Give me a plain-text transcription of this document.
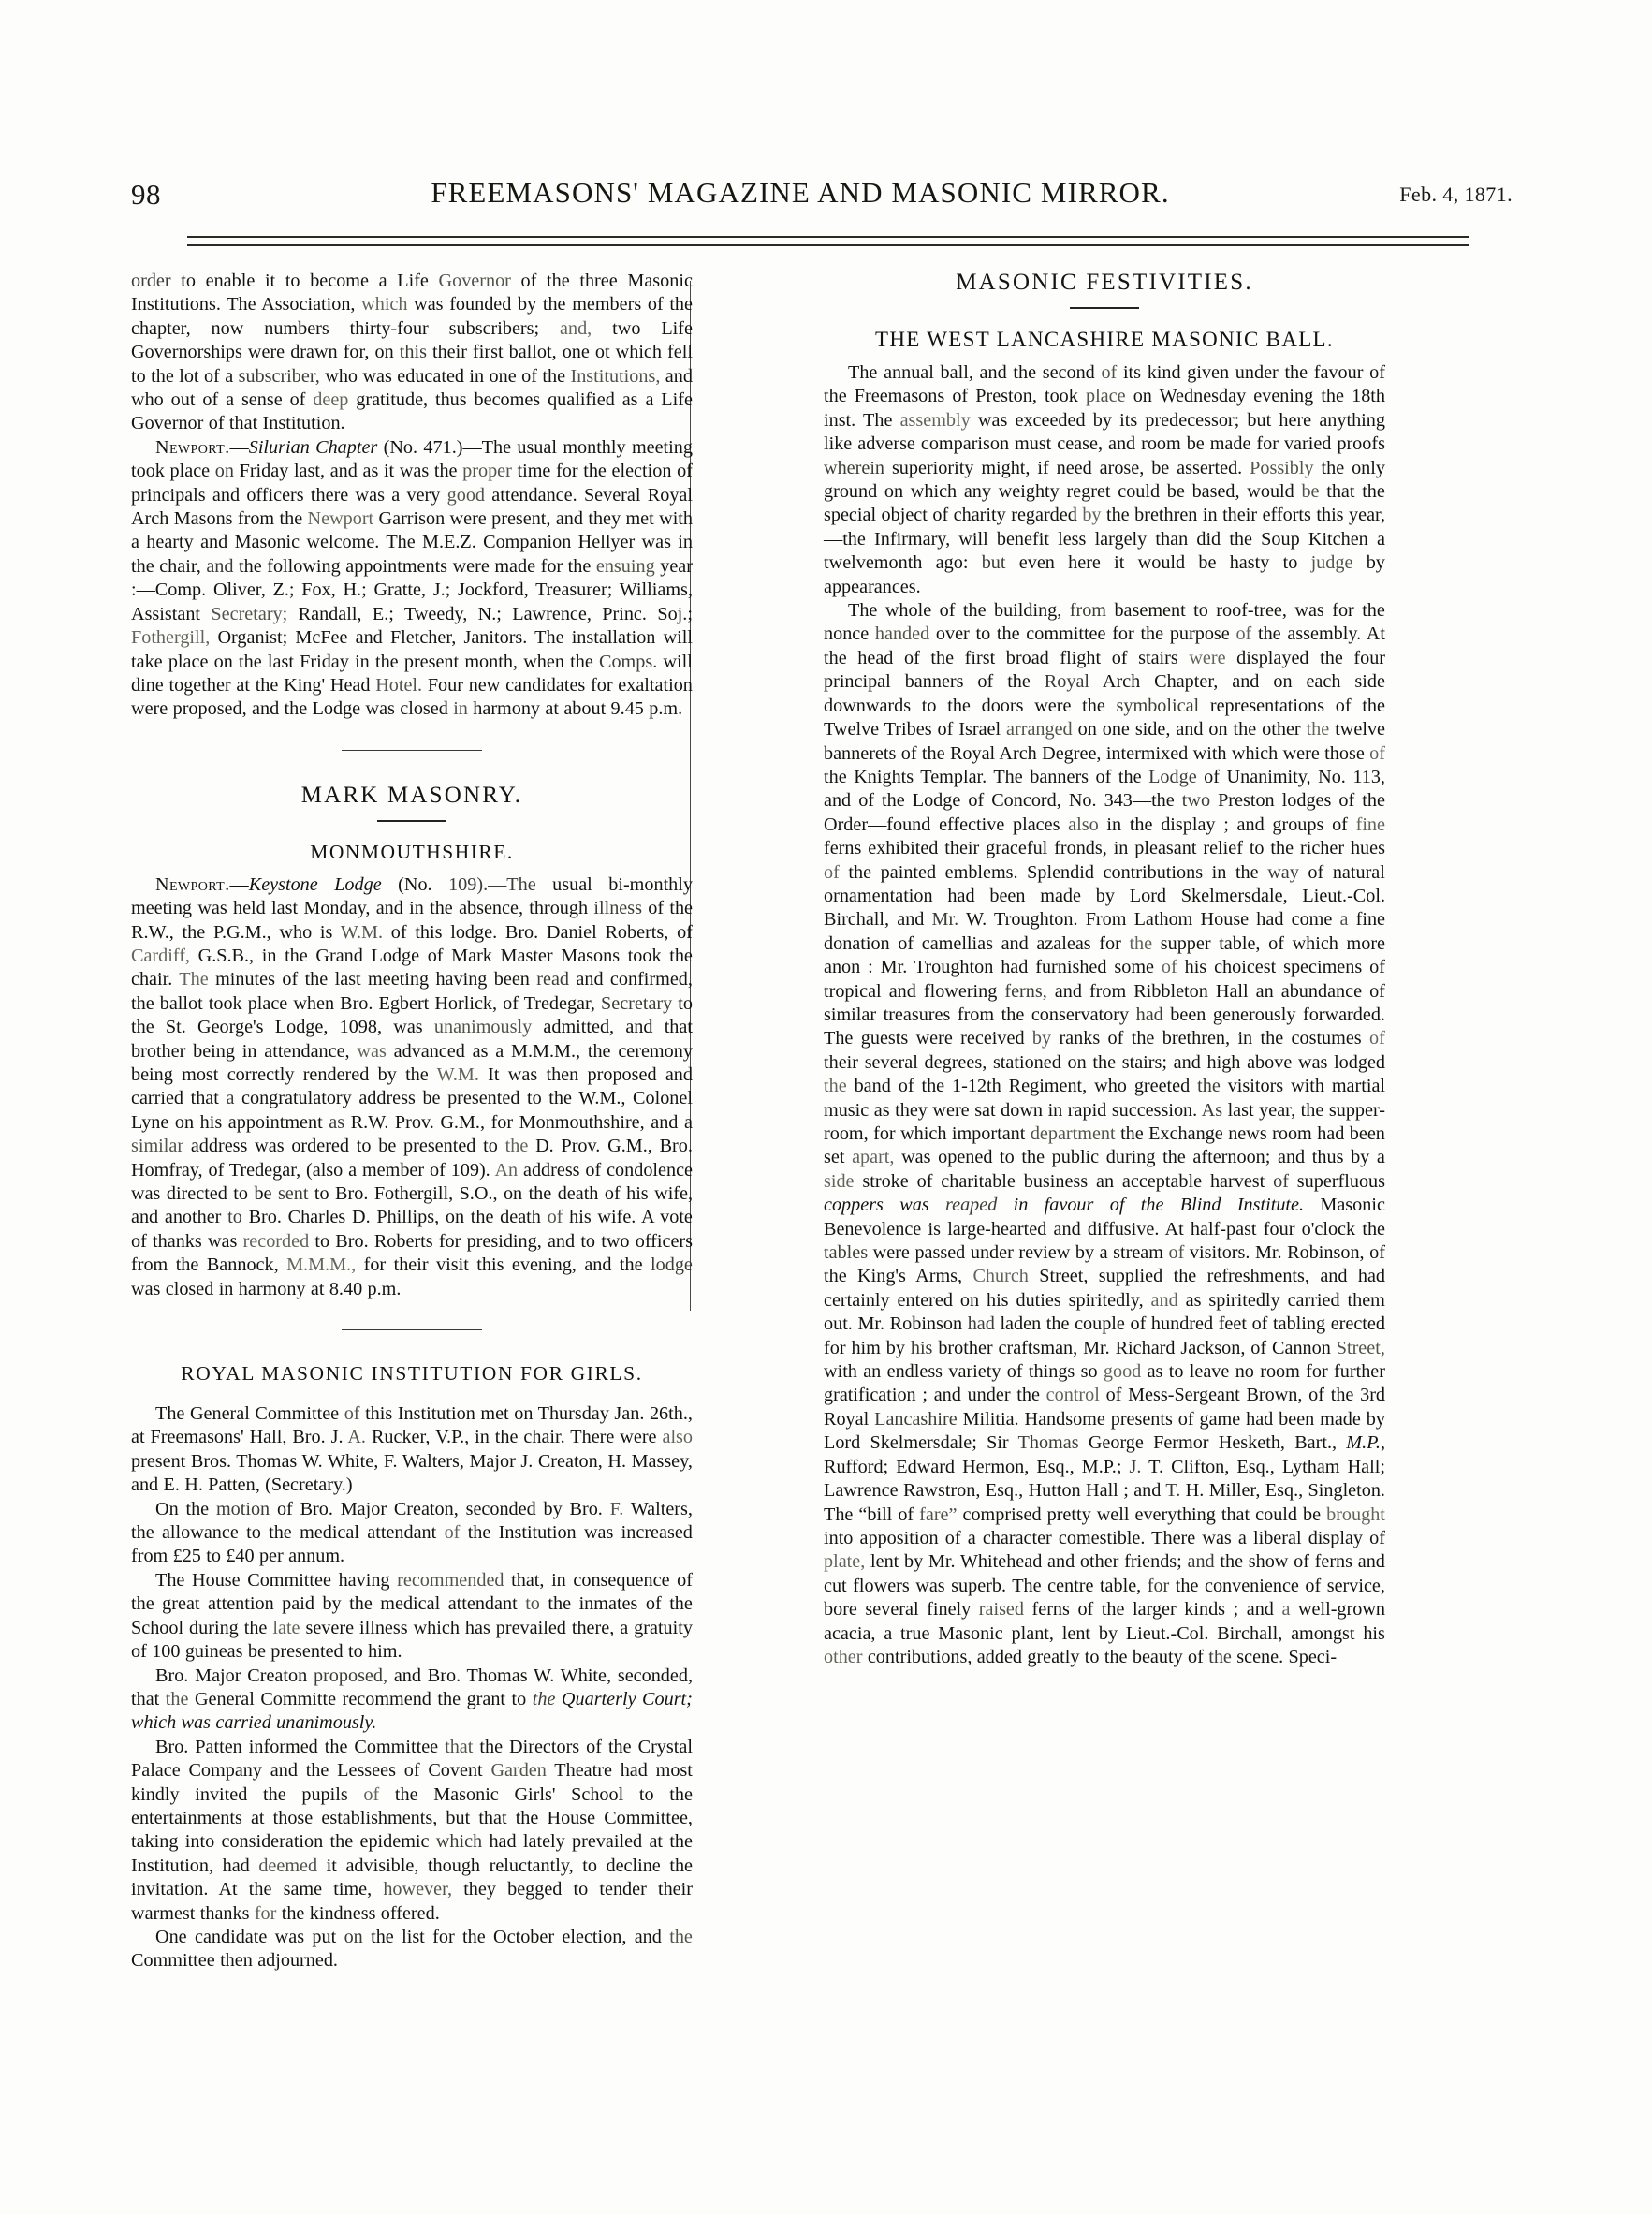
98	FREEMASONS' MAGAZINE AND MASONIC MIRROR.	Feb. 4, 1871.

order to enable it to become a Life Governor of the three Masonic Institutions. The Association, which was founded by the members of the chapter, now numbers thirty-four subscribers; and, two Life Governorships were drawn for, on this their first ballot, one ot which fell to the lot of a subscriber, who was educated in one of the Institutions, and who out of a sense of deep gratitude, thus becomes qualified as a Life Governor of that Institution.

Newport.—Silurian Chapter (No. 471.)—The usual monthly meeting took place on Friday last, and as it was the proper time for the election of principals and officers there was a very good attendance. Several Royal Arch Masons from the Newport Garrison were present, and they met with a hearty and Masonic welcome. The M.E.Z. Companion Hellyer was in the chair, and the following appointments were made for the ensuing year :—Comp. Oliver, Z.; Fox, H.; Gratte, J.; Jockford, Treasurer; Williams, Assistant Secretary; Randall, E.; Tweedy, N.; Lawrence, Princ. Soj.; Fothergill, Organist; McFee and Fletcher, Janitors. The installation will take place on the last Friday in the present month, when the Comps. will dine together at the King' Head Hotel. Four new candidates for exaltation were proposed, and the Lodge was closed in harmony at about 9.45 p.m.

MARK MASONRY.
MONMOUTHSHIRE.

Newport.—Keystone Lodge (No. 109).—The usual bi-monthly meeting was held last Monday, and in the absence, through illness of the R.W., the P.G.M., who is W.M. of this lodge. Bro. Daniel Roberts, of Cardiff, G.S.B., in the Grand Lodge of Mark Master Masons took the chair. The minutes of the last meeting having been read and confirmed, the ballot took place when Bro. Egbert Horlick, of Tredegar, Secretary to the St. George's Lodge, 1098, was unanimously admitted, and that brother being in attendance, was advanced as a M.M.M., the ceremony being most correctly rendered by the W.M. It was then proposed and carried that a congratulatory address be presented to the W.M., Colonel Lyne on his appointment as R.W. Prov. G.M., for Monmouthshire, and a similar address was ordered to be presented to the D. Prov. G.M., Bro. Homfray, of Tredegar, (also a member of 109). An address of condolence was directed to be sent to Bro. Fothergill, S.O., on the death of his wife, and another to Bro. Charles D. Phillips, on the death of his wife. A vote of thanks was recorded to Bro. Roberts for presiding, and to two officers from the Bannock, M.M.M., for their visit this evening, and the lodge was closed in harmony at 8.40 p.m.

ROYAL MASONIC INSTITUTION FOR GIRLS.

The General Committee of this Institution met on Thursday Jan. 26th., at Freemasons' Hall, Bro. J. A. Rucker, V.P., in the chair. There were also present Bros. Thomas W. White, F. Walters, Major J. Creaton, H. Massey, and E. H. Patten, (Secretary.)

On the motion of Bro. Major Creaton, seconded by Bro. F. Walters, the allowance to the medical attendant of the Institution was increased from £25 to £40 per annum.

The House Committee having recommended that, in consequence of the great attention paid by the medical attendant to the inmates of the School during the late severe illness which has prevailed there, a gratuity of 100 guineas be presented to him.

Bro. Major Creaton proposed, and Bro. Thomas W. White, seconded, that the General Committe recommend the grant to the Quarterly Court; which was carried unanimously.

Bro. Patten informed the Committee that the Directors of the Crystal Palace Company and the Lessees of Covent Garden Theatre had most kindly invited the pupils of the Masonic Girls' School to the entertainments at those establishments, but that the House Committee, taking into consideration the epidemic which had lately prevailed at the Institution, had deemed it advisible, though reluctantly, to decline the invitation. At the same time, however, they begged to tender their warmest thanks for the kindness offered.

One candidate was put on the list for the October election, and the Committee then adjourned.

MASONIC FESTIVITIES.
THE WEST LANCASHIRE MASONIC BALL.

The annual ball, and the second of its kind given under the favour of the Freemasons of Preston, took place on Wednesday evening the 18th inst. The assembly was exceeded by its predecessor; but here anything like adverse comparison must cease, and room be made for varied proofs wherein superiority might, if need arose, be asserted. Possibly the only ground on which any weighty regret could be based, would be that the special object of charity regarded by the brethren in their efforts this year,—the Infirmary, will benefit less largely than did the Soup Kitchen a twelvemonth ago: but even here it would be hasty to judge by appearances.

The whole of the building, from basement to roof-tree, was for the nonce handed over to the committee for the purpose of the assembly. At the head of the first broad flight of stairs were displayed the four principal banners of the Royal Arch Chapter, and on each side downwards to the doors were the symbolical representations of the Twelve Tribes of Israel arranged on one side, and on the other the twelve bannerets of the Royal Arch Degree, intermixed with which were those of the Knights Templar. The banners of the Lodge of Unanimity, No. 113, and of the Lodge of Concord, No. 343—the two Preston lodges of the Order—found effective places also in the display ; and groups of fine ferns exhibited their graceful fronds, in pleasant relief to the richer hues of the painted emblems. Splendid contributions in the way of natural ornamentation had been made by Lord Skelmersdale, Lieut.-Col. Birchall, and Mr. W. Troughton. From Lathom House had come a fine donation of camellias and azaleas for the supper table, of which more anon : Mr. Troughton had furnished some of his choicest specimens of tropical and flowering ferns, and from Ribbleton Hall an abundance of similar treasures from the conservatory had been generously forwarded. The guests were received by ranks of the brethren, in the costumes of their several degrees, stationed on the stairs; and high above was lodged the band of the 1-12th Regiment, who greeted the visitors with martial music as they were sat down in rapid succession. As last year, the supper-room, for which important department the Exchange news room had been set apart, was opened to the public during the afternoon; and thus by a side stroke of charitable business an acceptable harvest of superfluous coppers was reaped in favour of the Blind Institute. Masonic Benevolence is large-hearted and diffusive. At half-past four o'clock the tables were passed under review by a stream of visitors. Mr. Robinson, of the King's Arms, Church Street, supplied the refreshments, and had certainly entered on his duties spiritedly, and as spiritedly carried them out. Mr. Robinson had laden the couple of hundred feet of tabling erected for him by his brother craftsman, Mr. Richard Jackson, of Cannon Street, with an endless variety of things so good as to leave no room for further gratification ; and under the control of Mess-Sergeant Brown, of the 3rd Royal Lancashire Militia. Handsome presents of game had been made by Lord Skelmersdale; Sir Thomas George Fermor Hesketh, Bart., M.P., Rufford; Edward Hermon, Esq., M.P.; J. T. Clifton, Esq., Lytham Hall; Lawrence Rawstron, Esq., Hutton Hall ; and T. H. Miller, Esq., Singleton. The “bill of fare” comprised pretty well everything that could be brought into apposition of a character comestible. There was a liberal display of plate, lent by Mr. Whitehead and other friends; and the show of ferns and cut flowers was superb. The centre table, for the convenience of service, bore several finely raised ferns of the larger kinds ; and a well-grown acacia, a true Masonic plant, lent by Lieut.-Col. Birchall, amongst his other contributions, added greatly to the beauty of the scene. Speci-
